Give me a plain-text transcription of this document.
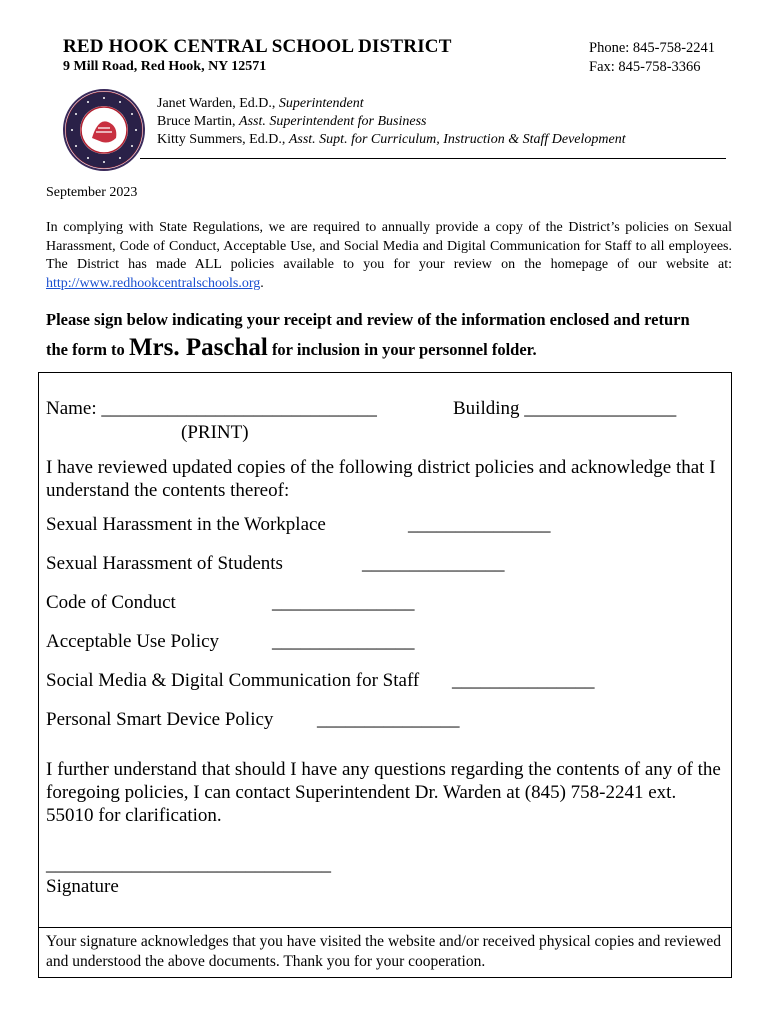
RED HOOK CENTRAL SCHOOL DISTRICT
9 Mill Road, Red Hook, NY 12571
Phone: 845-758-2241
Fax: 845-758-3366
Janet Warden, Ed.D., Superintendent
Bruce Martin, Asst. Superintendent for Business
Kitty Summers, Ed.D., Asst. Supt. for Curriculum, Instruction & Staff Development
September 2023
In complying with State Regulations, we are required to annually provide a copy of the District’s policies on Sexual Harassment, Code of Conduct, Acceptable Use, and Social Media and Digital Communication for Staff to all employees. The District has made ALL policies available to you for your review on the homepage of our website at: http://www.redhookcentralschools.org.
Please sign below indicating your receipt and review of the information enclosed and return
the form to Mrs. Paschal for inclusion in your personnel folder.
Name: _____________________________
(PRINT)
Building ________________
I have reviewed updated copies of the following district policies and acknowledge that I understand the contents thereof:
Sexual Harassment in the Workplace	_______________
Sexual Harassment of Students	_______________
Code of Conduct	_______________
Acceptable Use Policy	_______________
Social Media & Digital Communication for Staff _______________
Personal Smart Device Policy _______________
I further understand that should I have any questions regarding the contents of any of the foregoing policies, I can contact Superintendent Dr. Warden at (845) 758-2241 ext. 55010 for clarification.
______________________________
Signature
Your signature acknowledges that you have visited the website and/or received physical copies and reviewed and understood the above documents. Thank you for your cooperation.
